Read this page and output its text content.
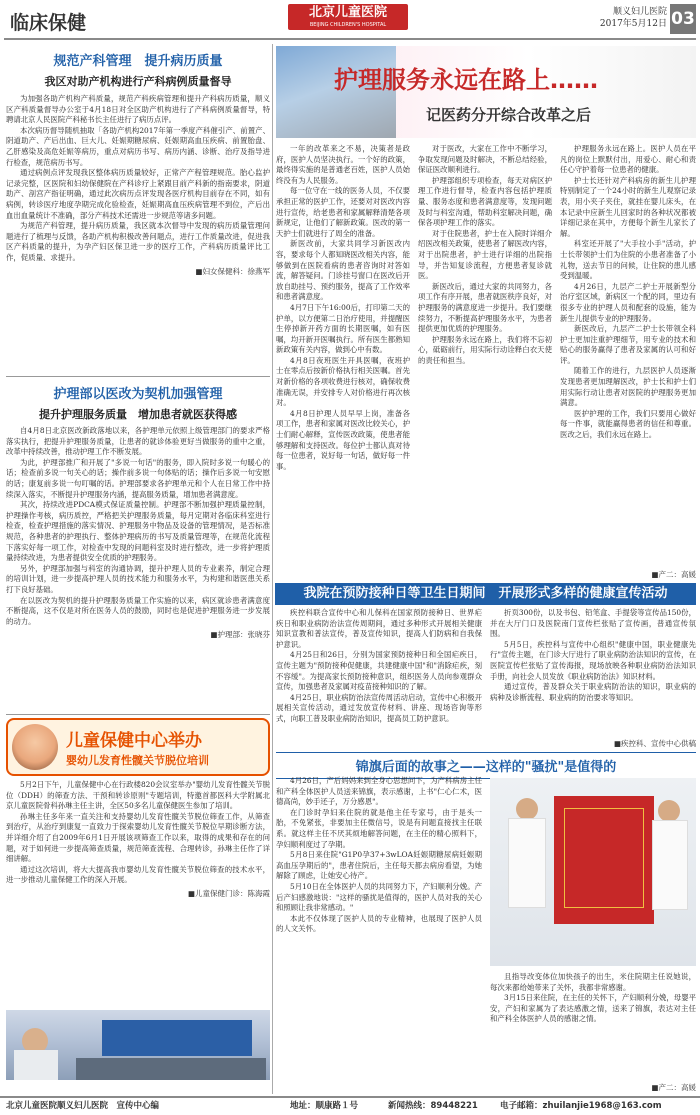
临床保健	北京儿童医院
BEIJING CHILDREN'S HOSPITAL
顺义妇儿医院
2017年5月12日 03
规范产科管理　提升病历质量
我区对助产机构进行产科病例质量督导

为加强各助产机构产科质量，规范产科疾病管理和提升产科病历质量，顺义区产科质量督导办公室于4月18日对全区助产机构进行了产科病例质量督导，特聘请北京人民医院产科秘书长主任进行了病历点评。

本次病历督导随机抽取「各助产机构2017年第一季度产科催引产、前置产、阴道助产、产后出血、巨大儿、妊娠期糖尿病、妊娠期高血压疾病、前置胎盘、乙肝感染及高危妊娠等病历，重点对病历书写、病历内涵、诊断、治疗及指导进行检查，规范病历书写。

通过病例点评发现我区整体病历质量较好，正常产产程管理规范。胎心监护记录完整，区医院和妇幼保健院在产科诊疗上紧跟目前产科新的指南要求，阴道助产、剖宫产指征明确，通过此次病历点评发现各医疗机构目前存在不同，如有病例，转诊医疗地度孕期完成化验检查，妊娠期高血压疾病管理不到位，产后出血出血量统计不准确，部分产科技术还需进一步规范等诸多问题。

为规范产科管理，提升病历质量，我区就本次督导中发现的病历质量管理问题进行了梳理与反馈，各助产机构积极改善问题点，进行工作质量改进，促进我区产科质量的提升，为孕产妇区保卫进一步的医疗工作，产科病历质量评比工作，促质量、求提升。

■妇女保健科：徐燕军
护理部以医改为契机加强管理
提升护理服务质量　增加患者就医获得感

自4月8日北京医改新政落地以来，各护理单元依照上级管理部门的要求严格落实执行，把提升护理服务质量，让患者的就诊体验更好当做服务的重中之重，改革中持续改善，推动护理工作不断发展。

为此，护理部推广和开展了"多说一句话"的服务，即入院时多说一句暖心的话；检查前多说一句关心的话；操作前多说一句体贴的话；操作后多说一句安慰的话；康复前多说一句叮嘱的话。护理部要求各护理单元和个人在日常工作中持续深入落实，不断提升护理服务内涵，提高服务质量，增加患者满意度。

其次，持续改进PDCA模式保证质量控制。护理部不断加强护理质量控制，护理操作考核，病历质控，严格把关护理服务质量，每月定期对各临床科室进行检查，检查护理措施的落实情况、护理服务中物品及设备的管理情况，是否标准规范，各种患者的护理执行、整体护理病历的书写及质量管理等，在规范化流程下落实好每一项工作，对检查中发现的问题科室及时进行整改，进一步将护理质量持续改进，为患者提供安全优质的护理服务。

另外，护理部加强与科室的沟通协调，提升护理人员的专业素养，制定合理的培训计划，进一步提高护理人员的技术能力和服务水平，为构建和谐医患关系打下良好基础。

在以医改为契机的提升护理服务质量工作实施的以来，病区就诊患者满意度不断提高，这不仅是对所在医务人员的鼓励，同时也是促进护理服务进一步发展的动力。

■护理部：张晓芬
儿童保健中心举办
婴幼儿发育性髋关节脱位培训

5月2日下午，儿童保健中心在行政楼820会议室举办"婴幼儿发育性髋关节脱位（DDH）的筛查方法、干预和转诊原则"专题培训，特邀首都医科大学附属北京儿童医院骨科孙琳主任主讲，全区50多名儿童保健医生参加了培训。

孙琳主任多年来一直关注和支持婴幼儿发育性髋关节脱位筛查工作，从筛查到治疗，从治疗到康复一直致力于探索婴幼儿发育性髋关节脱位早期诊断方法，并详细介绍了自2009年6月1日开展该项筛查工作以来，取得的成果和存在的问题，对于如何进一步提高筛查质量，规范筛查流程、合理转诊，孙琳主任作了详细讲解。

通过这次培训，将大大提高我市婴幼儿发育性髋关节脱位筛查的技术水平，进一步推动儿童保健工作的深入开展。

■儿童保健门诊：陈海霞
护理服务永远在路上……
记医药分开综合改革之后

一年的改革来之不易，决策者是政府，医护人员坚决执行。一个好的政策，最终得实施的是普通老百姓，医护人员始终没有为人民服务。

每一位守在一线的医务人员，不仅要承担正常的医护工作，还要对对医改内容进行宣传，给老患者和家属解释清楚各项新规定，让他们了解新政策。医改的第一天护士们就进行了周全的准备。

新医改前，大家共同学习新医改内容，要求每个人都知晓医改相关内容，能够做到在医院看病的患者咨询时对答如流，解答疑问。门诊挂号窗口在医改后开放自助挂号、预约服务，提高了工作效率和患者满意度。

4月7日下午16:00后，打印第二天的护单，以方便第二日治疗使用，并提醒医生停掉新开药方面的长期医嘱，如有医嘱，均开新开医嘱执行。所有医生都熟知新政策有关内容，做到心中有数。

4月8日夜班医生开具医嘱，夜班护士在零点后按新价格执行相关医嘱。首先对新价格的各项收费进行核对，确保收费准确无误，并安排专人对价格进行再次核对。

4月8日护理人员早早上岗，准备各项工作，患者和家属对医改比较关心，护士们耐心解释，宣传医改政策，使患者能够理解和支持医改。每位护士都认真对待每一位患者，说好每一句话，做好每一件事。

对于医改，大家在工作中不断学习，争取发现问题及时解决，不断总结经验，保证医改顺利进行。

护理部组织专项检查，每天对病区护理工作进行督导，检查内容包括护理质量、服务态度和患者满意度等，发现问题及时与科室沟通，帮助科室解决问题，确保各项护理工作的落实。

对于住院患者，护士在入院时详细介绍医改相关政策，使患者了解医改内容，对于出院患者，护士进行详细的出院指导，并告知复诊流程，方便患者复诊就医。

新医改后，通过大家的共同努力，各项工作有序开展，患者就医秩序良好，对护理服务的满意度进一步提升。我们要继续努力，不断提高护理服务水平，为患者提供更加优质的护理服务。

护理服务永远在路上，我们将不忘初心，砥砺前行，用实际行动诠释白衣天使的责任和担当。

护理服务永远在路上。医护人员在平凡的岗位上默默付出，用爱心、耐心和责任心守护着每一位患者的健康。

护士长还针对产科病房的新生儿护理特别制定了一个24小时的新生儿观察记录表，用小夹子夹住，就挂在婴儿床头，在本记录中应新生儿回家时的各种状况都被详细记录在其中，方便每个新生儿家长了解。

科室还开展了"大手拉小手"活动，护士长带领护士们为住院的小患者准备了小礼物，送去节日的问候，让住院的患儿感受到温暖。

4月26日，九层产二护士开展新型分治疗室区域，新病区一个配的同，里边有很多专业的护理人员和配套的设施，能为新生儿提供专业的护理服务。

新医改后，九层产二护士长带领全科护士更加注重护理细节，用专业的技术和贴心的服务赢得了患者及家属的认可和好评。

随着工作的进行，九层医护人员逐渐发现患者更加理解医改，护士长和护士们用实际行动让患者对医院的护理服务更加满意。

医护护理的工作，我们只要用心做好每一件事，就能赢得患者的信任和尊重。医改之后，我们永远在路上。

■产二：高媛
我院在预防接种日等卫生日期间　开展形式多样的健康宣传活动

疾控科联合宣传中心和儿保科在国家预防接种日、世界疟疾日和职业病防治法宣传周期间，通过多种形式开展相关健康知识宣教和普法宣传，普及宣传知识，提高人们防病和自我保护意识。

4月25日和26日，分别为国家预防接种日和全国疟疾日，宣传主题为"预防接种促健康，共建健康中国"和"消除疟疾，刻不容缓"。为提高家长预防接种意识，组织医务人员向参观群众宣传，加强患者及家属对疫苗接种知识的了解。

4月25日，职业病防治法宣传周活动启动，宣传中心积极开展相关宣传活动，通过发放宣传材料、讲座、现场咨询等形式，向职工普及职业病防治知识，提高员工防护意识。

折页300份，以及书包、铅笔盒、手提袋等宣传品150份，并在大厅门口及医院南门宣传栏张贴了宣传画，普通宣传氛围。

5月5日，疾控科与宣传中心组织"健康中国，职业健康先行"宣传主题，在门诊大厅进行了职业病防治法知识的宣传，在医院宣传栏张贴了宣传海报，现场放映各种职业病防治法知识手册，向社会人员发放《职业病防治法》知识材料。

通过宣传，普及群众关于职业病防治法的知识，职业病的病种及诊断流程、职业病的防治要求等知识。

■疾控科、宣传中心供稿
锦旗后面的故事之——这样的"骚扰"是值得的

4月26日，产后妈妈来到全身心思想问下，为产科病房主任和产科全体医护人员送来锦旗，表示感谢，上书"仁心仁术，医德高尚，妙手还子，万分感恩"。

在门诊时孕妇来住院的就是他主任专家号，由于是头一胎，不免紧张，非要加主任微信号，说是有问题直接找主任联系。就这样主任不厌其烦地解答问题，在主任的精心照料下，孕妇顺利度过了孕期。

5月8日来住院"G1P0孕37+3wLOA妊娠期糖尿病妊娠期高血压孕期后的"，患者住院后，主任每天都去病房看望，为她解除了顾虑，让她安心待产。

5月10日在全体医护人员的共同努力下，产妇顺利分娩。产后产妇感激地说："这样的骚扰是值得的，医护人员对我的关心和照顾让我非常感动。"

本此不仅体现了医护人员的专业精神，也展现了医护人员的人文关怀。

且指导改变体位加快孩子的出生，米住院期主任说她说，每次来都给她带来了关怀，我都非常感谢。

3月15日来住院，在主任的关怀下，产妇顺利分娩，母婴平安，产妇和家属为了表达感激之情，送来了锦旗，表达对主任和产科全体医护人员的感谢之情。

■产二：高媛
北京儿童医院顺义妇儿医院　宣传中心编	地址：顺康路１号	新闻热线：89448221	电子邮箱：zhuilanjie1968@163.com
